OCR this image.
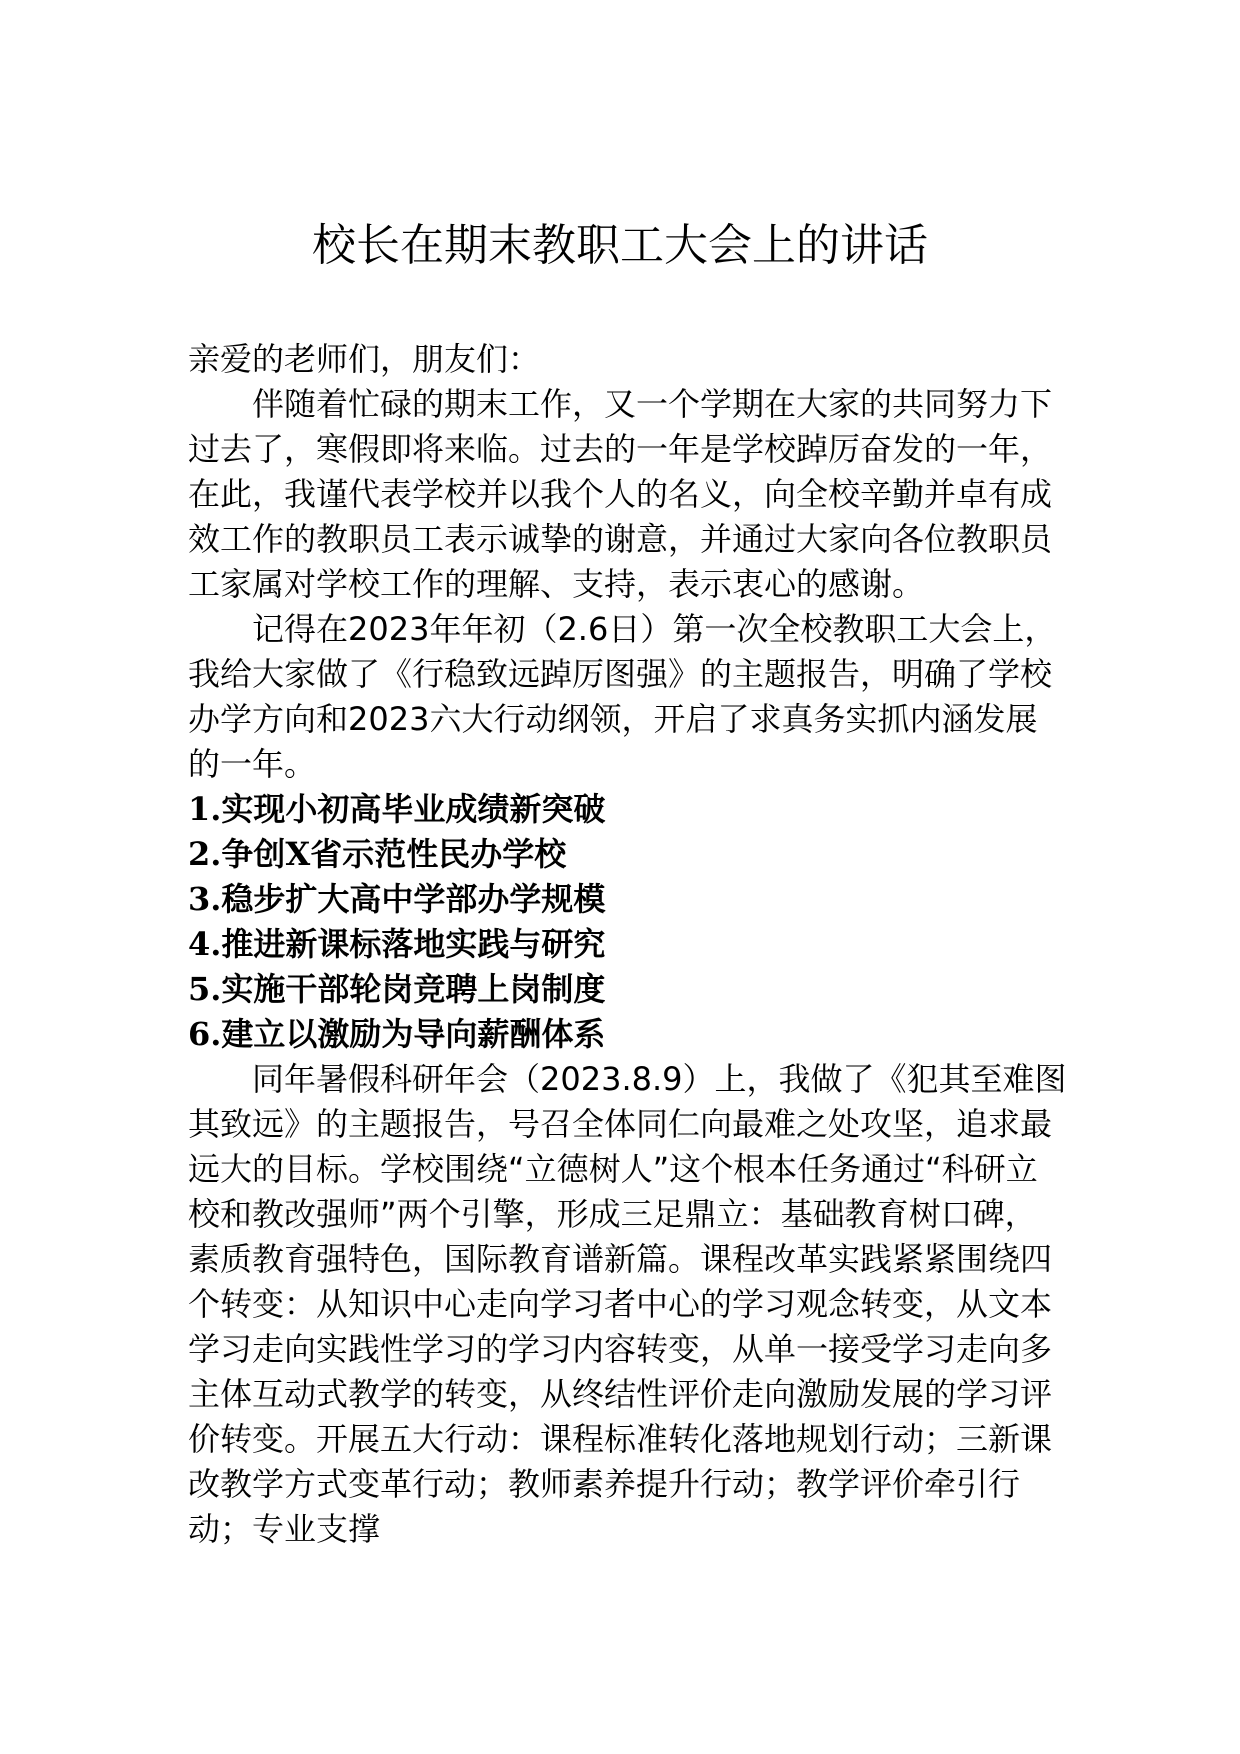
校长在期末教职工大会上的讲话

亲爱的老师们，朋友们：

伴随着忙碌的期末工作，又一个学期在大家的共同努力下过去了，寒假即将来临。过去的一年是学校踔厉奋发的一年，在此，我谨代表学校并以我个人的名义，向全校辛勤并卓有成效工作的教职员工表示诚挚的谢意，并通过大家向各位教职员工家属对学校工作的理解、支持，表示衷心的感谢。

记得在2023年年初（2.6日）第一次全校教职工大会上，我给大家做了《行稳致远踔厉图强》的主题报告，明确了学校办学方向和2023六大行动纲领，开启了求真务实抓内涵发展的一年。

1.实现小初高毕业成绩新突破

2.争创X省示范性民办学校

3.稳步扩大高中学部办学规模

4.推进新课标落地实践与研究

5.实施干部轮岗竞聘上岗制度

6.建立以激励为导向薪酬体系

同年暑假科研年会（2023.8.9）上，我做了《犯其至难图其致远》的主题报告，号召全体同仁向最难之处攻坚，追求最远大的目标。学校围绕“立德树人”这个根本任务通过“科研立校和教改强师”两个引擎，形成三足鼎立：基础教育树口碑，素质教育强特色，国际教育谱新篇。课程改革实践紧紧围绕四个转变：从知识中心走向学习者中心的学习观念转变，从文本学习走向实践性学习的学习内容转变，从单一接受学习走向多主体互动式教学的转变，从终结性评价走向激励发展的学习评价转变。开展五大行动：课程标准转化落地规划行动；三新课改教学方式变革行动；教师素养提升行动；教学评价牵引行动；专业支撑
